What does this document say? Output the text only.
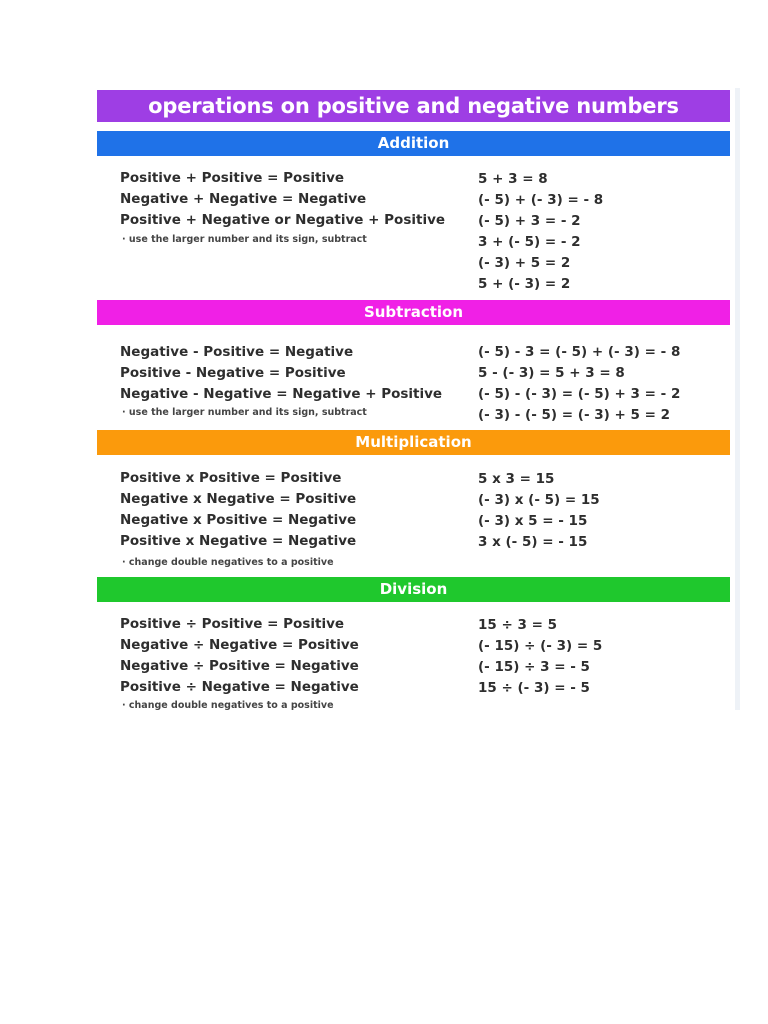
operations on positive and negative numbers
Addition
Positive + Positive = Positive
Negative + Negative = Negative
Positive + Negative or Negative + Positive
· use the larger number and its sign, subtract
5 + 3 = 8
(- 5) + (- 3) = - 8
(- 5) + 3 = - 2
3 + (- 5) = - 2
(- 3) + 5 = 2
5 + (- 3) = 2
Subtraction
Negative - Positive = Negative
Positive - Negative = Positive
Negative - Negative = Negative + Positive
· use the larger number and its sign, subtract
(- 5) - 3 = (- 5) + (- 3) = - 8
5 - (- 3) = 5 + 3 = 8
(- 5) - (- 3) = (- 5) + 3 = - 2
(- 3) - (- 5) = (- 3) + 5 = 2
Multiplication
Positive x Positive = Positive
Negative x Negative = Positive
Negative x Positive = Negative
Positive x Negative = Negative
· change double negatives to a positive
5 x 3 = 15
(- 3) x (- 5) = 15
(- 3) x 5 = - 15
3 x (- 5) = - 15
Division
Positive ÷ Positive = Positive
Negative ÷ Negative = Positive
Negative ÷ Positive = Negative
Positive ÷ Negative = Negative
· change double negatives to a positive
15 ÷ 3 = 5
(- 15) ÷ (- 3) = 5
(- 15) ÷ 3 = - 5
15 ÷ (- 3) = - 5
